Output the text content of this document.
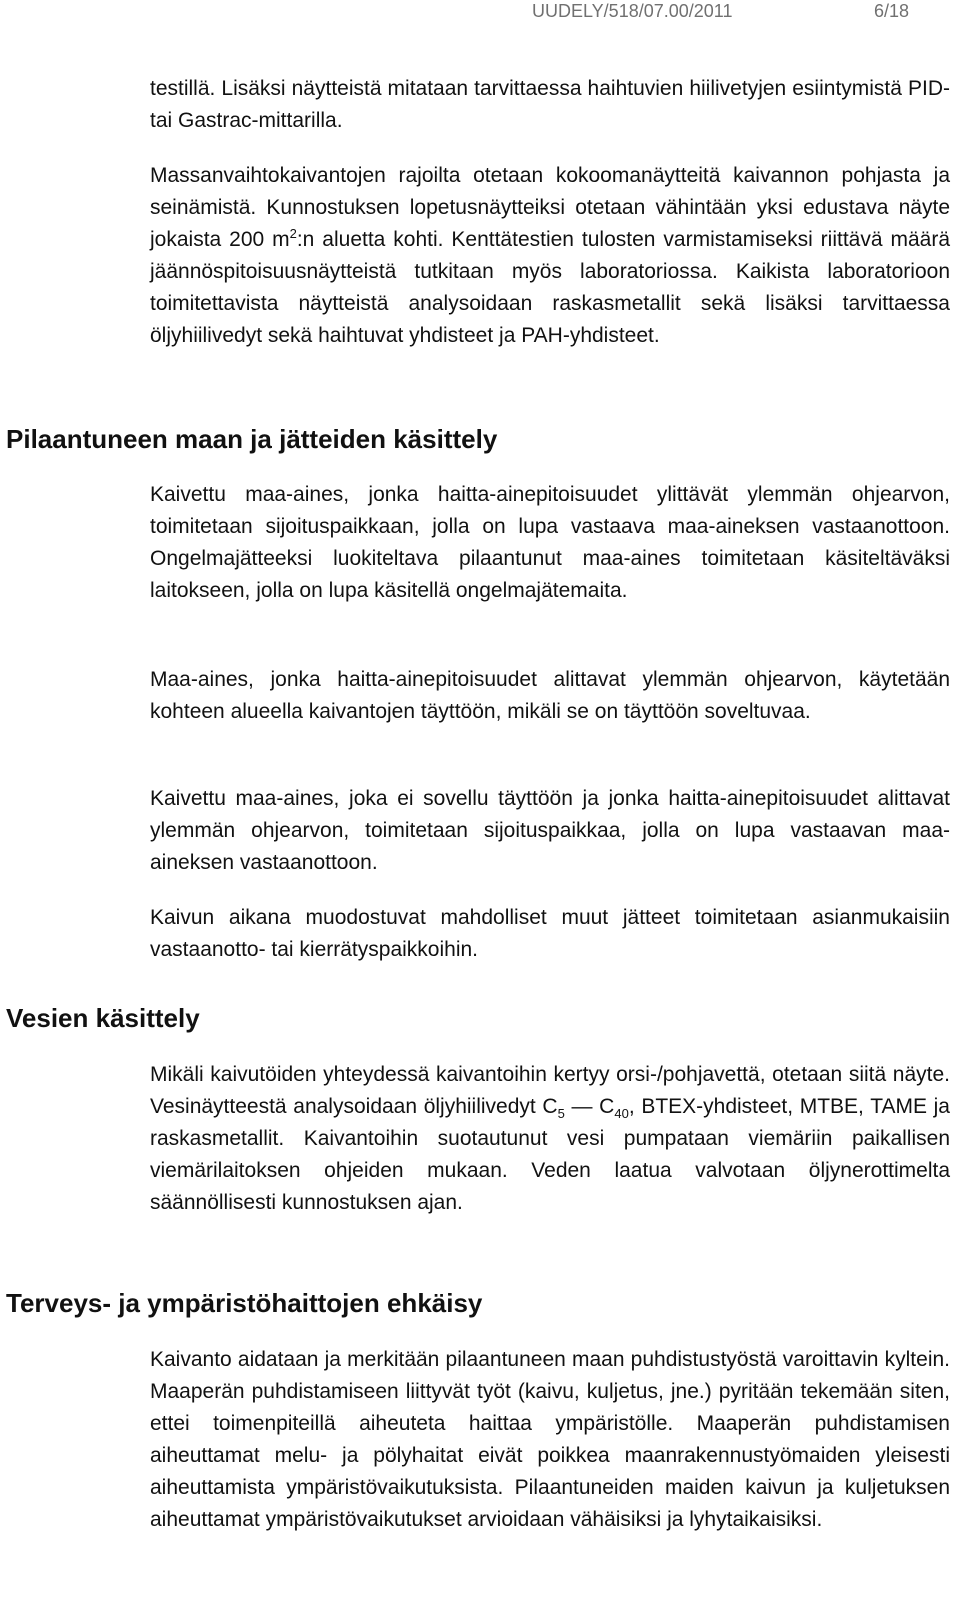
UUDELY/518/07.00/2011	6/18

testillä. Lisäksi näytteistä mitataan tarvittaessa haihtuvien hiilivetyjen esiintymistä PID- tai Gastrac-mittarilla.

Massanvaihtokaivantojen rajoilta otetaan kokoomanäytteitä kaivannon pohjasta ja seinämistä. Kunnostuksen lopetusnäytteiksi otetaan vähintään yksi edustava näyte jokaista 200 $m^2:n$ aluetta kohti. Kenttätestien tulosten varmistamiseksi riittävä määrä jäännöspitoisuusnäytteistä tutkitaan myös laboratoriossa. Kaikista laboratorioon toimitettavista näytteistä analysoidaan raskasmetallit sekä lisäksi tarvittaessa öljyhiilivedyt sekä haihtuvat yhdisteet ja PAH-yhdisteet.

Pilaantuneen maan ja jätteiden käsittely

Kaivettu maa-aines, jonka haitta-ainepitoisuudet ylittävät ylemmän ohjearvon, toimitetaan sijoituspaikkaan, jolla on lupa vastaava maa-aineksen vastaanottoon. Ongelmajätteeksi luokiteltava pilaantunut maa-aines toimitetaan käsiteltäväksi laitokseen, jolla on lupa käsitellä ongelmajätemaita.

Maa-aines, jonka haitta-ainepitoisuudet alittavat ylemmän ohjearvon, käytetään kohteen alueella kaivantojen täyttöön, mikäli se on täyttöön soveltuvaa.

Kaivettu maa-aines, joka ei sovellu täyttöön ja jonka haitta-ainepitoisuudet alittavat ylemmän ohjearvon, toimitetaan sijoituspaikkaa, jolla on lupa vastaavan maa-aineksen vastaanottoon.

Kaivun aikana muodostuvat mahdolliset muut jätteet toimitetaan asianmukaisiin vastaanotto- tai kierrätyspaikkoihin.

Vesien käsittely

Mikäli kaivutöiden yhteydessä kaivantoihin kertyy orsi-/pohjavettä, otetaan siitä näyte. Vesinäytteestä analysoidaan öljyhiilivedyt $C_5$ — $C_{40}$, BTEX-yhdisteet, MTBE, TAME ja raskasmetallit. Kaivantoihin suotautunut vesi pumpataan viemäriin paikallisen viemärilaitoksen ohjeiden mukaan. Veden laatua valvotaan öljynerottimelta säännöllisesti kunnostuksen ajan.

Terveys- ja ympäristöhaittojen ehkäisy

Kaivanto aidataan ja merkitään pilaantuneen maan puhdistustyöstä varoittavin kyltein. Maaperän puhdistamiseen liittyvät työt (kaivu, kuljetus, jne.) pyritään tekemään siten, ettei toimenpiteillä aiheuteta haittaa ympäristölle. Maaperän puhdistamisen aiheuttamat melu- ja pölyhaitat eivät poikkea maanrakennustyömaiden yleisesti aiheuttamista ympäristövaikutuksista. Pilaantuneiden maiden kaivun ja kuljetuksen aiheuttamat ympäristövaikutukset arvioidaan vähäisiksi ja lyhytaikaisiksi.
